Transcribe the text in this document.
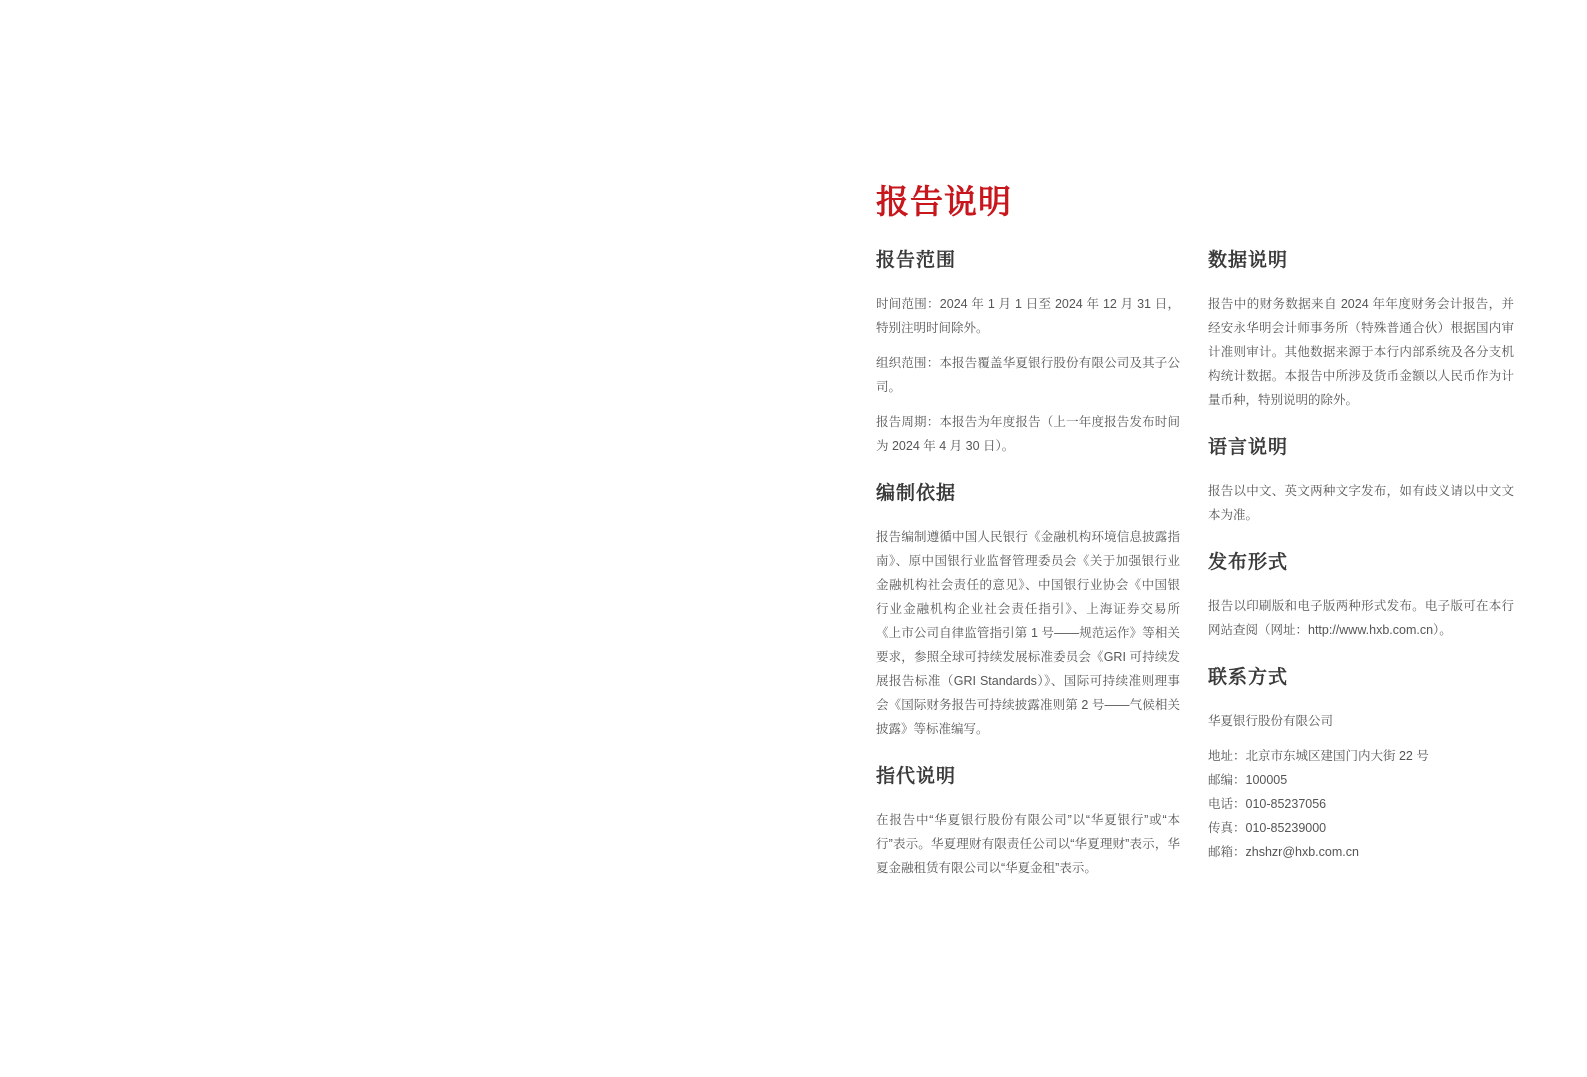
报告说明
报告范围

时间范围：2024 年 1 月 1 日至 2024 年 12 月 31 日，特别注明时间除外。

组织范围：本报告覆盖华夏银行股份有限公司及其子公司。

报告周期：本报告为年度报告（上一年度报告发布时间为 2024 年 4 月 30 日）。

编制依据

报告编制遵循中国人民银行《金融机构环境信息披露指南》、原中国银行业监督管理委员会《关于加强银行业金融机构社会责任的意见》、中国银行业协会《中国银行业金融机构企业社会责任指引》、上海证券交易所《上市公司自律监管指引第 1 号——规范运作》等相关要求，参照全球可持续发展标准委员会《GRI 可持续发展报告标准（GRI Standards）》、国际可持续准则理事会《国际财务报告可持续披露准则第 2 号——气候相关披露》等标准编写。

指代说明

在报告中“华夏银行股份有限公司”以“华夏银行”或“本行”表示。华夏理财有限责任公司以“华夏理财”表示，华夏金融租赁有限公司以“华夏金租”表示。

数据说明

报告中的财务数据来自 2024 年年度财务会计报告，并经安永华明会计师事务所（特殊普通合伙）根据国内审计准则审计。其他数据来源于本行内部系统及各分支机构统计数据。本报告中所涉及货币金额以人民币作为计量币种，特别说明的除外。

语言说明

报告以中文、英文两种文字发布，如有歧义请以中文文本为准。

发布形式

报告以印刷版和电子版两种形式发布。电子版可在本行网站查阅（网址：http://www.hxb.com.cn）。

联系方式

华夏银行股份有限公司

地址：北京市东城区建国门内大街 22 号

邮编：100005

电话：010-85237056

传真：010-85239000

邮箱：zhshzr@hxb.com.cn
